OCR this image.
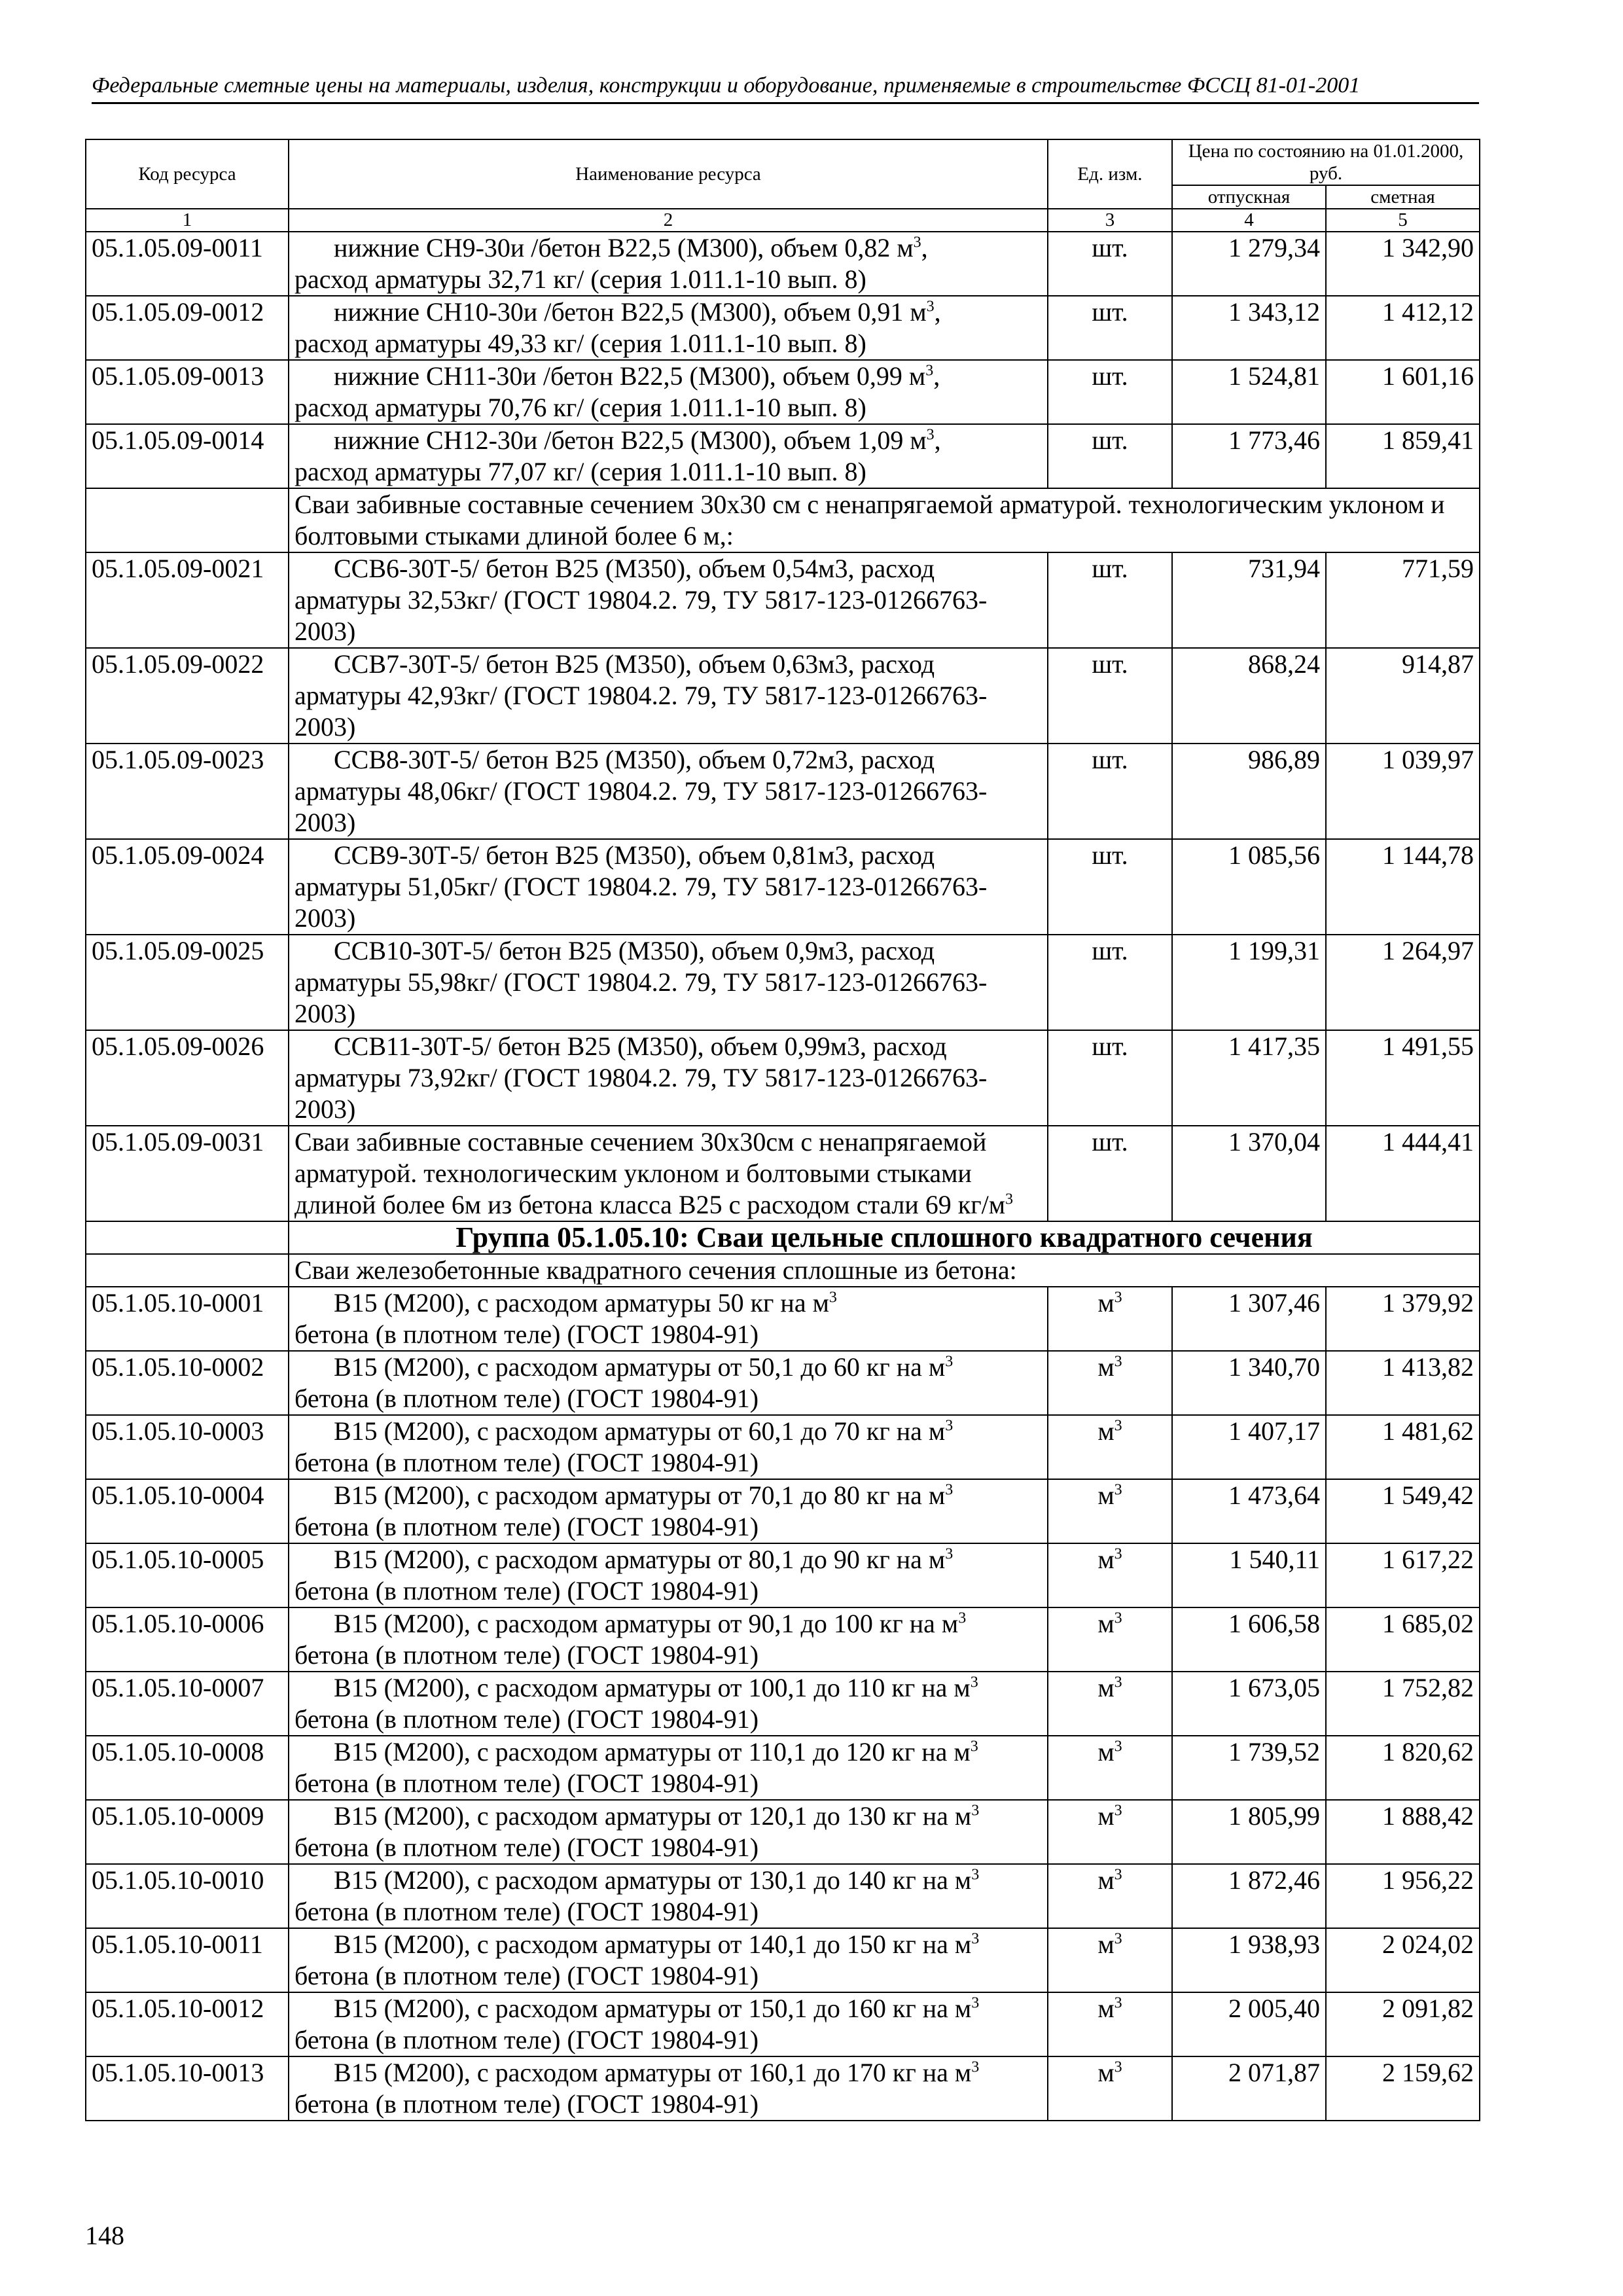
Федеральные сметные цены на материалы, изделия, конструкции и оборудование, применяемые в строительстве ФССЦ 81-01-2001
Код ресурса	Наименование ресурса	Ед. изм.	Цена по состоянию на 01.01.2000, руб.	
			отпускная	сметная
1	2	3	4	5
05.1.05.09-0011	нижние СН9-30и /бетон В22,5 (М300), объем 0,82 $м^3$,
расход арматуры 32,71 кг/ (серия 1.011.1-10 вып. 8)	шт.	1 279,34	1 342,90
05.1.05.09-0012	нижние СН10-30и /бетон В22,5 (М300), объем 0,91 $м^3$,
расход арматуры 49,33 кг/ (серия 1.011.1-10 вып. 8)	шт.	1 343,12	1 412,12
05.1.05.09-0013	нижние СН11-30и /бетон В22,5 (М300), объем 0,99 $м^3$,
расход арматуры 70,76 кг/ (серия 1.011.1-10 вып. 8)	шт.	1 524,81	1 601,16
05.1.05.09-0014	нижние СН12-30и /бетон В22,5 (М300), объем 1,09 $м^3$,
расход арматуры 77,07 кг/ (серия 1.011.1-10 вып. 8)	шт.	1 773,46	1 859,41
	Сваи забивные составные сечением 30х30 см с ненапрягаемой арматурой. технологическим уклоном и болтовыми стыками длиной более 6 м,:			
05.1.05.09-0021	ССВ6-30Т-5/ бетон В25 (М350), объем 0,54м3, расход
арматуры 32,53кг/ (ГОСТ 19804.2. 79, ТУ 5817-123-01266763-2003)	шт.	731,94	771,59
05.1.05.09-0022	ССВ7-30Т-5/ бетон В25 (М350), объем 0,63м3, расход
арматуры 42,93кг/ (ГОСТ 19804.2. 79, ТУ 5817-123-01266763-2003)	шт.	868,24	914,87
05.1.05.09-0023	ССВ8-30Т-5/ бетон В25 (М350), объем 0,72м3, расход
арматуры 48,06кг/ (ГОСТ 19804.2. 79, ТУ 5817-123-01266763-2003)	шт.	986,89	1 039,97
05.1.05.09-0024	ССВ9-30Т-5/ бетон В25 (М350), объем 0,81м3, расход
арматуры 51,05кг/ (ГОСТ 19804.2. 79, ТУ 5817-123-01266763-2003)	шт.	1 085,56	1 144,78
05.1.05.09-0025	ССВ10-30Т-5/ бетон В25 (М350), объем 0,9м3, расход
арматуры 55,98кг/ (ГОСТ 19804.2. 79, ТУ 5817-123-01266763-2003)	шт.	1 199,31	1 264,97
05.1.05.09-0026	ССВ11-30Т-5/ бетон В25 (М350), объем 0,99м3, расход
арматуры 73,92кг/ (ГОСТ 19804.2. 79, ТУ 5817-123-01266763-2003)	шт.	1 417,35	1 491,55
05.1.05.09-0031	Сваи забивные составные сечением 30х30см с ненапрягаемой арматурой. технологическим уклоном и болтовыми стыками длиной более 6м из бетона класса В25 с расходом стали 69 $кг/м^3$	шт.	1 370,04	1 444,41
	Группа 05.1.05.10: Сваи цельные сплошного квадратного сечения			
	Сваи железобетонные квадратного сечения сплошные из бетона:			
05.1.05.10-0001	В15 (М200), с расходом арматуры 50 кг на $м^3$
бетона (в плотном теле) (ГОСТ 19804-91)	$м^3$	1 307,46	1 379,92
05.1.05.10-0002	В15 (М200), с расходом арматуры от 50,1 до 60 кг на $м^3$
бетона (в плотном теле) (ГОСТ 19804-91)	$м^3$	1 340,70	1 413,82
05.1.05.10-0003	В15 (М200), с расходом арматуры от 60,1 до 70 кг на $м^3$
бетона (в плотном теле) (ГОСТ 19804-91)	$м^3$	1 407,17	1 481,62
05.1.05.10-0004	В15 (М200), с расходом арматуры от 70,1 до 80 кг на $м^3$
бетона (в плотном теле) (ГОСТ 19804-91)	$м^3$	1 473,64	1 549,42
05.1.05.10-0005	В15 (М200), с расходом арматуры от 80,1 до 90 кг на $м^3$
бетона (в плотном теле) (ГОСТ 19804-91)	$м^3$	1 540,11	1 617,22
05.1.05.10-0006	В15 (М200), с расходом арматуры от 90,1 до 100 кг на $м^3$
бетона (в плотном теле) (ГОСТ 19804-91)	$м^3$	1 606,58	1 685,02
05.1.05.10-0007	В15 (М200), с расходом арматуры от 100,1 до 110 кг на $м^3$
бетона (в плотном теле) (ГОСТ 19804-91)	$м^3$	1 673,05	1 752,82
05.1.05.10-0008	В15 (М200), с расходом арматуры от 110,1 до 120 кг на $м^3$
бетона (в плотном теле) (ГОСТ 19804-91)	$м^3$	1 739,52	1 820,62
05.1.05.10-0009	В15 (М200), с расходом арматуры от 120,1 до 130 кг на $м^3$
бетона (в плотном теле) (ГОСТ 19804-91)	$м^3$	1 805,99	1 888,42
05.1.05.10-0010	В15 (М200), с расходом арматуры от 130,1 до 140 кг на $м^3$
бетона (в плотном теле) (ГОСТ 19804-91)	$м^3$	1 872,46	1 956,22
05.1.05.10-0011	В15 (М200), с расходом арматуры от 140,1 до 150 кг на $м^3$
бетона (в плотном теле) (ГОСТ 19804-91)	$м^3$	1 938,93	2 024,02
05.1.05.10-0012	В15 (М200), с расходом арматуры от 150,1 до 160 кг на $м^3$
бетона (в плотном теле) (ГОСТ 19804-91)	$м^3$	2 005,40	2 091,82
05.1.05.10-0013	В15 (М200), с расходом арматуры от 160,1 до 170 кг на $м^3$
бетона (в плотном теле) (ГОСТ 19804-91)	$м^3$	2 071,87	2 159,62
148
